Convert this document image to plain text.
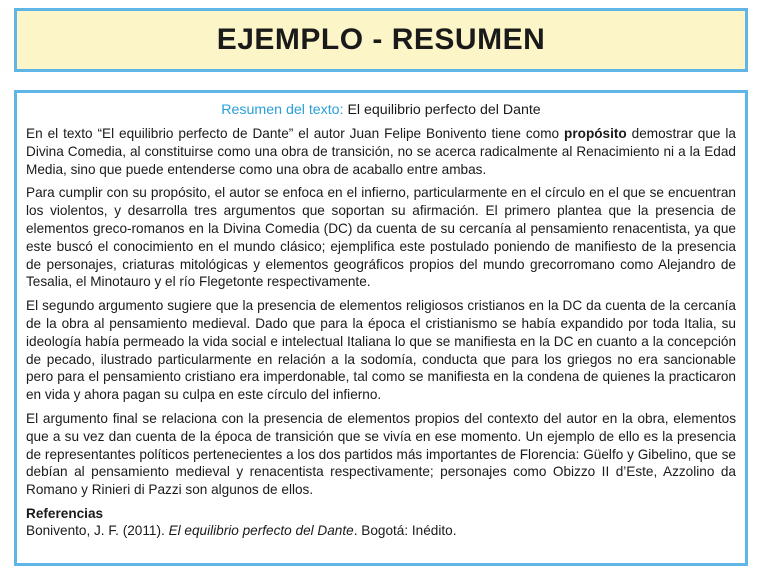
EJEMPLO - RESUMEN
Resumen del texto: El equilibrio perfecto del Dante

En el texto “El equilibrio perfecto de Dante” el autor Juan Felipe Bonivento tiene como propósito demostrar que la Divina Comedia, al constituirse como una obra de transición, no se acerca radicalmente al Renacimiento ni a la Edad Media, sino que puede entenderse como una obra de acaballo entre ambas.

Para cumplir con su propósito, el autor se enfoca en el infierno, particularmente en el círculo en el que se encuentran los violentos, y desarrolla tres argumentos que soportan su afirmación. El primero plantea que la presencia de elementos greco-romanos en la Divina Comedia (DC) da cuenta de su cercanía al pensamiento renacentista, ya que este buscó el conocimiento en el mundo clásico; ejemplifica este postulado poniendo de manifiesto de la presencia de personajes, criaturas mitológicas y elementos geográficos propios del mundo grecorromano como Alejandro de Tesalia, el Minotauro y el río Flegetonte respectivamente.

El segundo argumento sugiere que la presencia de elementos religiosos cristianos en la DC da cuenta de la cercanía de la obra al pensamiento medieval. Dado que para la época el cristianismo se había expandido por toda Italia, su ideología había permeado la vida social e intelectual Italiana lo que se manifiesta en la DC en cuanto a la concepción de pecado, ilustrado particularmente en relación a la sodomía, conducta que para los griegos no era sancionable pero para el pensamiento cristiano era imperdonable, tal como se manifiesta en la condena de quienes la practicaron en vida y ahora pagan su culpa en este círculo del infierno.

El argumento final se relaciona con la presencia de elementos propios del contexto del autor en la obra, elementos que a su vez dan cuenta de la época de transición que se vivía en ese momento. Un ejemplo de ello es la presencia de representantes políticos pertenecientes a los dos partidos más importantes de Florencia: Güelfo y Gibelino, que se debían al pensamiento medieval y renacentista respectivamente; personajes como Obizzo II d’Este, Azzolino da Romano y Rinieri di Pazzi son algunos de ellos.

Referencias

Bonivento, J. F. (2011). El equilibrio perfecto del Dante. Bogotá: Inédito.
